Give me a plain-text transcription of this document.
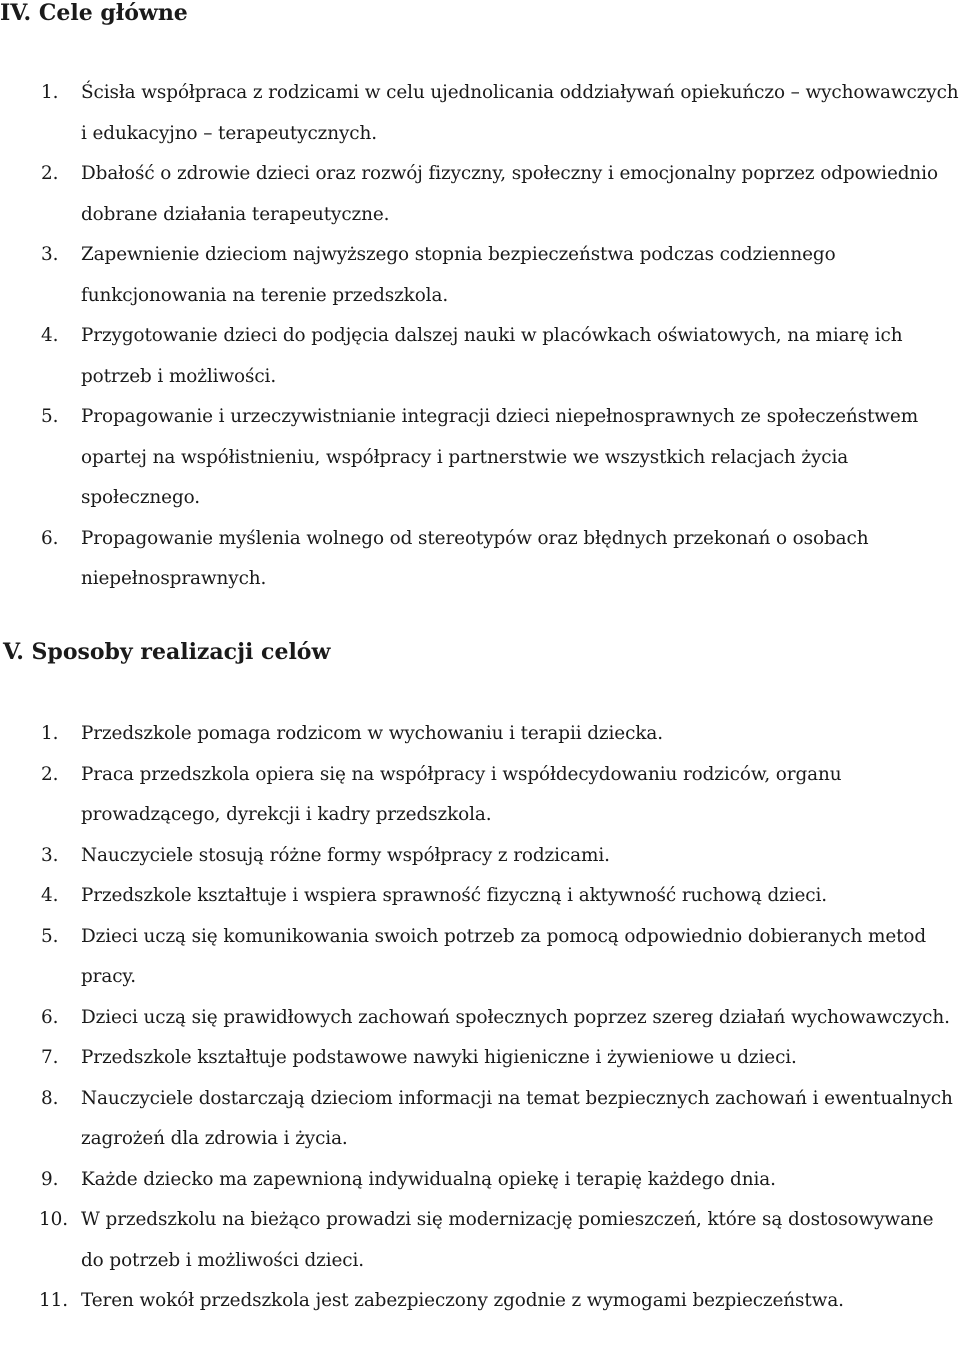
IV. Cele główne
1.	Ścisła współpraca z rodzicami w celu ujednolicania oddziaływań opiekuńczo – wychowawczych i edukacyjno – terapeutycznych.
2.	Dbałość o zdrowie dzieci oraz rozwój fizyczny, społeczny i emocjonalny poprzez odpowiednio dobrane działania terapeutyczne.
3.	Zapewnienie dzieciom najwyższego stopnia bezpieczeństwa podczas codziennego funkcjonowania na terenie przedszkola.
4.	Przygotowanie dzieci do podjęcia dalszej nauki w placówkach oświatowych, na miarę ich potrzeb i możliwości.
5.	Propagowanie i urzeczywistnianie integracji dzieci niepełnosprawnych ze społeczeństwem opartej na współistnieniu, współpracy i partnerstwie we wszystkich relacjach życia społecznego.
6.	Propagowanie myślenia wolnego od stereotypów oraz błędnych przekonań o osobach niepełnosprawnych.
V. Sposoby realizacji celów
1.	Przedszkole pomaga rodzicom w wychowaniu i terapii dziecka.
2.	Praca przedszkola opiera się na współpracy i współdecydowaniu rodziców, organu prowadzącego, dyrekcji i kadry przedszkola.
3.	Nauczyciele stosują różne formy współpracy z rodzicami.
4.	Przedszkole kształtuje i wspiera sprawność fizyczną i aktywność ruchową dzieci.
5.	Dzieci uczą się komunikowania swoich potrzeb za pomocą odpowiednio dobieranych metod pracy.
6.	Dzieci uczą się prawidłowych zachowań społecznych poprzez szereg działań wychowawczych.
7.	Przedszkole kształtuje podstawowe nawyki higieniczne i żywieniowe u dzieci.
8.	Nauczyciele dostarczają dzieciom informacji na temat bezpiecznych zachowań i ewentualnych zagrożeń dla zdrowia i życia.
9.	Każde dziecko ma zapewnioną indywidualną opiekę i terapię każdego dnia.
10. W przedszkolu na bieżąco prowadzi się modernizację pomieszczeń, które są dostosowywane do potrzeb i możliwości dzieci.
11. Teren wokół przedszkola jest zabezpieczony zgodnie z wymogami bezpieczeństwa.
